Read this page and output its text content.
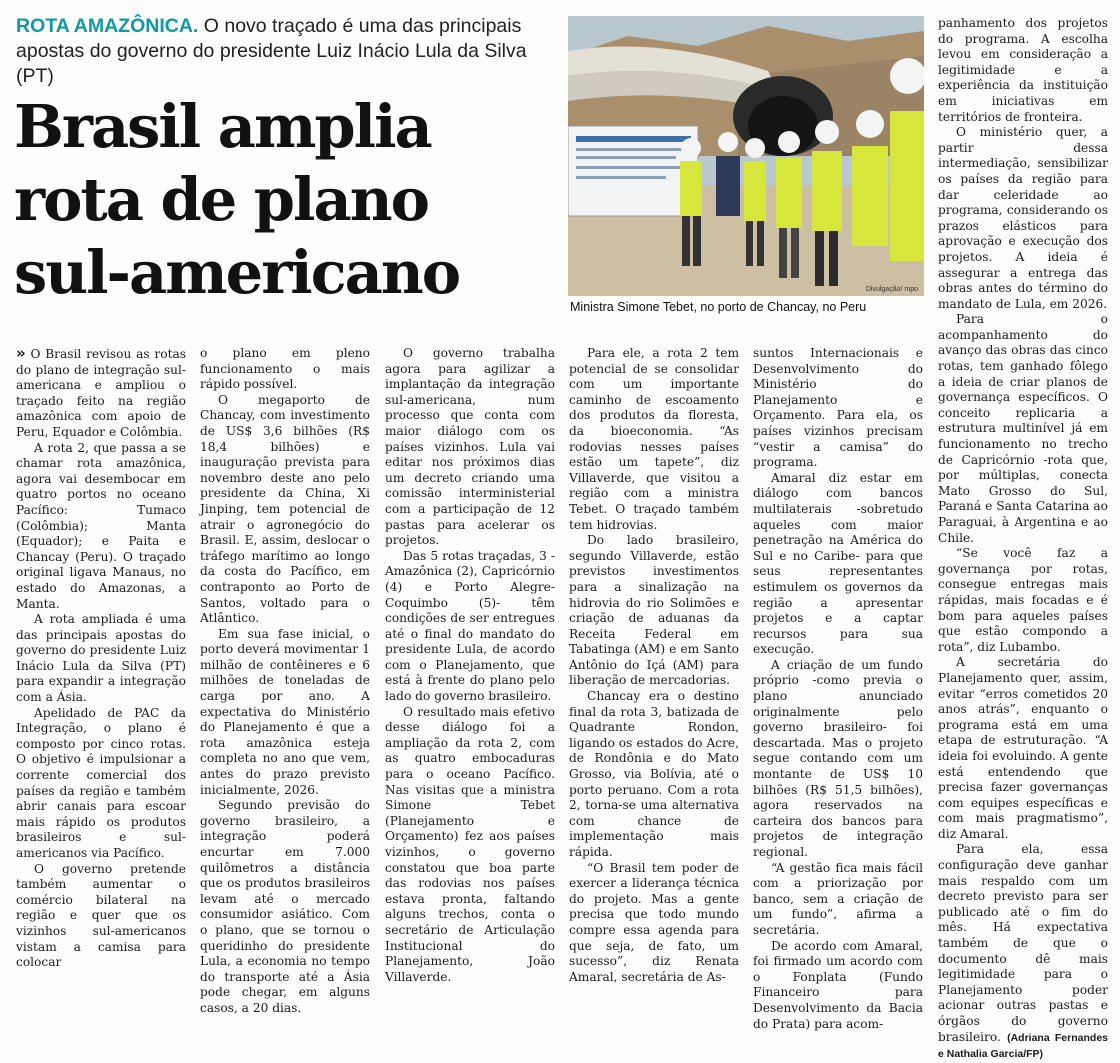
ROTA AMAZÔNICA. O novo traçado é uma das principais apostas do governo do presidente Luiz Inácio Lula da Silva (PT)
Brasil amplia rota de plano sul-americano	Divulgação/ mpo
Ministra Simone Tebet, no porto de Chancay, no Peru

» O Brasil revisou as rotas do plano de integração sul-americana e ampliou o traçado feito na região amazônica com apoio de Peru, Equador e Colômbia.

A rota 2, que passa a se chamar rota amazônica, agora vai desembocar em quatro portos no oceano Pacífico: Tumaco (Colômbia); Manta (Equador); e Paita e Chancay (Peru). O traçado original ligava Manaus, no estado do Amazonas, a Manta.

A rota ampliada é uma das principais apostas do governo do presidente Luiz Inácio Lula da Silva (PT) para expandir a integração com a Ásia.

Apelidado de PAC da Integração, o plano é composto por cinco rotas. O objetivo é impulsionar a corrente comercial dos países da região e também abrir canais para escoar mais rápido os produtos brasileiros e sul-americanos via Pacífico.

O governo pretende também aumentar o comércio bilateral na região e quer que os vizinhos sul-americanos vistam a camisa para colocar

o plano em pleno funcionamento o mais rápido possível.

O megaporto de Chancay, com investimento de US$ 3,6 bilhões (R$ 18,4 bilhões) e inauguração prevista para novembro deste ano pelo presidente da China, Xi Jinping, tem potencial de atrair o agronegócio do Brasil. E, assim, deslocar o tráfego marítimo ao longo da costa do Pacífico, em contraponto ao Porto de Santos, voltado para o Atlântico.

Em sua fase inicial, o porto deverá movimentar 1 milhão de contêineres e 6 milhões de toneladas de carga por ano. A expectativa do Ministério do Planejamento é que a rota amazônica esteja completa no ano que vem, antes do prazo previsto inicialmente, 2026.

Segundo previsão do governo brasileiro, a integração poderá encurtar em 7.000 quilômetros a distância que os produtos brasileiros levam até o mercado consumidor asiático. Com o plano, que se tornou o queridinho do presidente Lula, a economia no tempo do transporte até a Ásia pode chegar, em alguns casos, a 20 dias.

O governo trabalha agora para agilizar a implantação da integração sul-americana, num processo que conta com maior diálogo com os países vizinhos. Lula vai editar nos próximos dias um decreto criando uma comissão interministerial com a participação de 12 pastas para acelerar os projetos.

Das 5 rotas traçadas, 3 -Amazônica (2), Capricórnio (4) e Porto Alegre-Coquimbo (5)- têm condições de ser entregues até o final do mandato do presidente Lula, de acordo com o Planejamento, que está à frente do plano pelo lado do governo brasileiro.

O resultado mais efetivo desse diálogo foi a ampliação da rota 2, com as quatro embocaduras para o oceano Pacífico. Nas visitas que a ministra Simone Tebet (Planejamento e Orçamento) fez aos países vizinhos, o governo constatou que boa parte das rodovias nos países estava pronta, faltando alguns trechos, conta o secretário de Articulação Institucional do Planejamento, João Villaverde.

Para ele, a rota 2 tem potencial de se consolidar com um importante caminho de escoamento dos produtos da floresta, da bioeconomia. “As rodovias nesses países estão um tapete”, diz Villaverde, que visitou a região com a ministra Tebet. O traçado também tem hidrovias.

Do lado brasileiro, segundo Villaverde, estão previstos investimentos para a sinalização na hidrovia do rio Solimões e criação de aduanas da Receita Federal em Tabatinga (AM) e em Santo Antônio do Içá (AM) para liberação de mercadorias.

Chancay era o destino final da rota 3, batizada de Quadrante Rondon, ligando os estados do Acre, de Rondônia e do Mato Grosso, via Bolívia, até o porto peruano. Com a rota 2, torna-se uma alternativa com chance de implementação mais rápida.

“O Brasil tem poder de exercer a liderança técnica do projeto. Mas a gente precisa que todo mundo compre essa agenda para que seja, de fato, um sucesso”, diz Renata Amaral, secretária de As-

suntos Internacionais e Desenvolvimento do Ministério do Planejamento e Orçamento. Para ela, os países vizinhos precisam “vestir a camisa” do programa.

Amaral diz estar em diálogo com bancos multilaterais -sobretudo aqueles com maior penetração na América do Sul e no Caribe- para que seus representantes estimulem os governos da região a apresentar projetos e a captar recursos para sua execução.

A criação de um fundo próprio -como previa o plano anunciado originalmente pelo governo brasileiro- foi descartada. Mas o projeto segue contando com um montante de US$ 10 bilhões (R$ 51,5 bilhões), agora reservados na carteira dos bancos para projetos de integração regional.

“A gestão fica mais fácil com a priorização por banco, sem a criação de um fundo”, afirma a secretária.

De acordo com Amaral, foi firmado um acordo com o Fonplata (Fundo Financeiro para Desenvolvimento da Bacia do Prata) para acom-

panhamento dos projetos do programa. A escolha levou em consideração a legitimidade e a experiência da instituição em iniciativas em territórios de fronteira.

O ministério quer, a partir dessa intermediação, sensibilizar os países da região para dar celeridade ao programa, considerando os prazos elásticos para aprovação e execução dos projetos. A ideia é assegurar a entrega das obras antes do término do mandato de Lula, em 2026.

Para o acompanhamento do avanço das obras das cinco rotas, tem ganhado fôlego a ideia de criar planos de governança específicos. O conceito replicaria a estrutura multinível já em funcionamento no trecho de Capricórnio -rota que, por múltiplas, conecta Mato Grosso do Sul, Paraná e Santa Catarina ao Paraguai, à Argentina e ao Chile.

“Se você faz a governança por rotas, consegue entregas mais rápidas, mais focadas e é bom para aqueles países que estão compondo a rota”, diz Lubambo.

A secretária do Planejamento quer, assim, evitar “erros cometidos 20 anos atrás”, enquanto o programa está em uma etapa de estruturação. “A ideia foi evoluindo. A gente está entendendo que precisa fazer governanças com equipes específicas e com mais pragmatismo”, diz Amaral.

Para ela, essa configuração deve ganhar mais respaldo com um decreto previsto para ser publicado até o fim do mês. Há expectativa também de que o documento dê mais legitimidade para o Planejamento poder acionar outras pastas e órgãos do governo brasileiro. (Adriana Fernandes e Nathalia Garcia/FP)
